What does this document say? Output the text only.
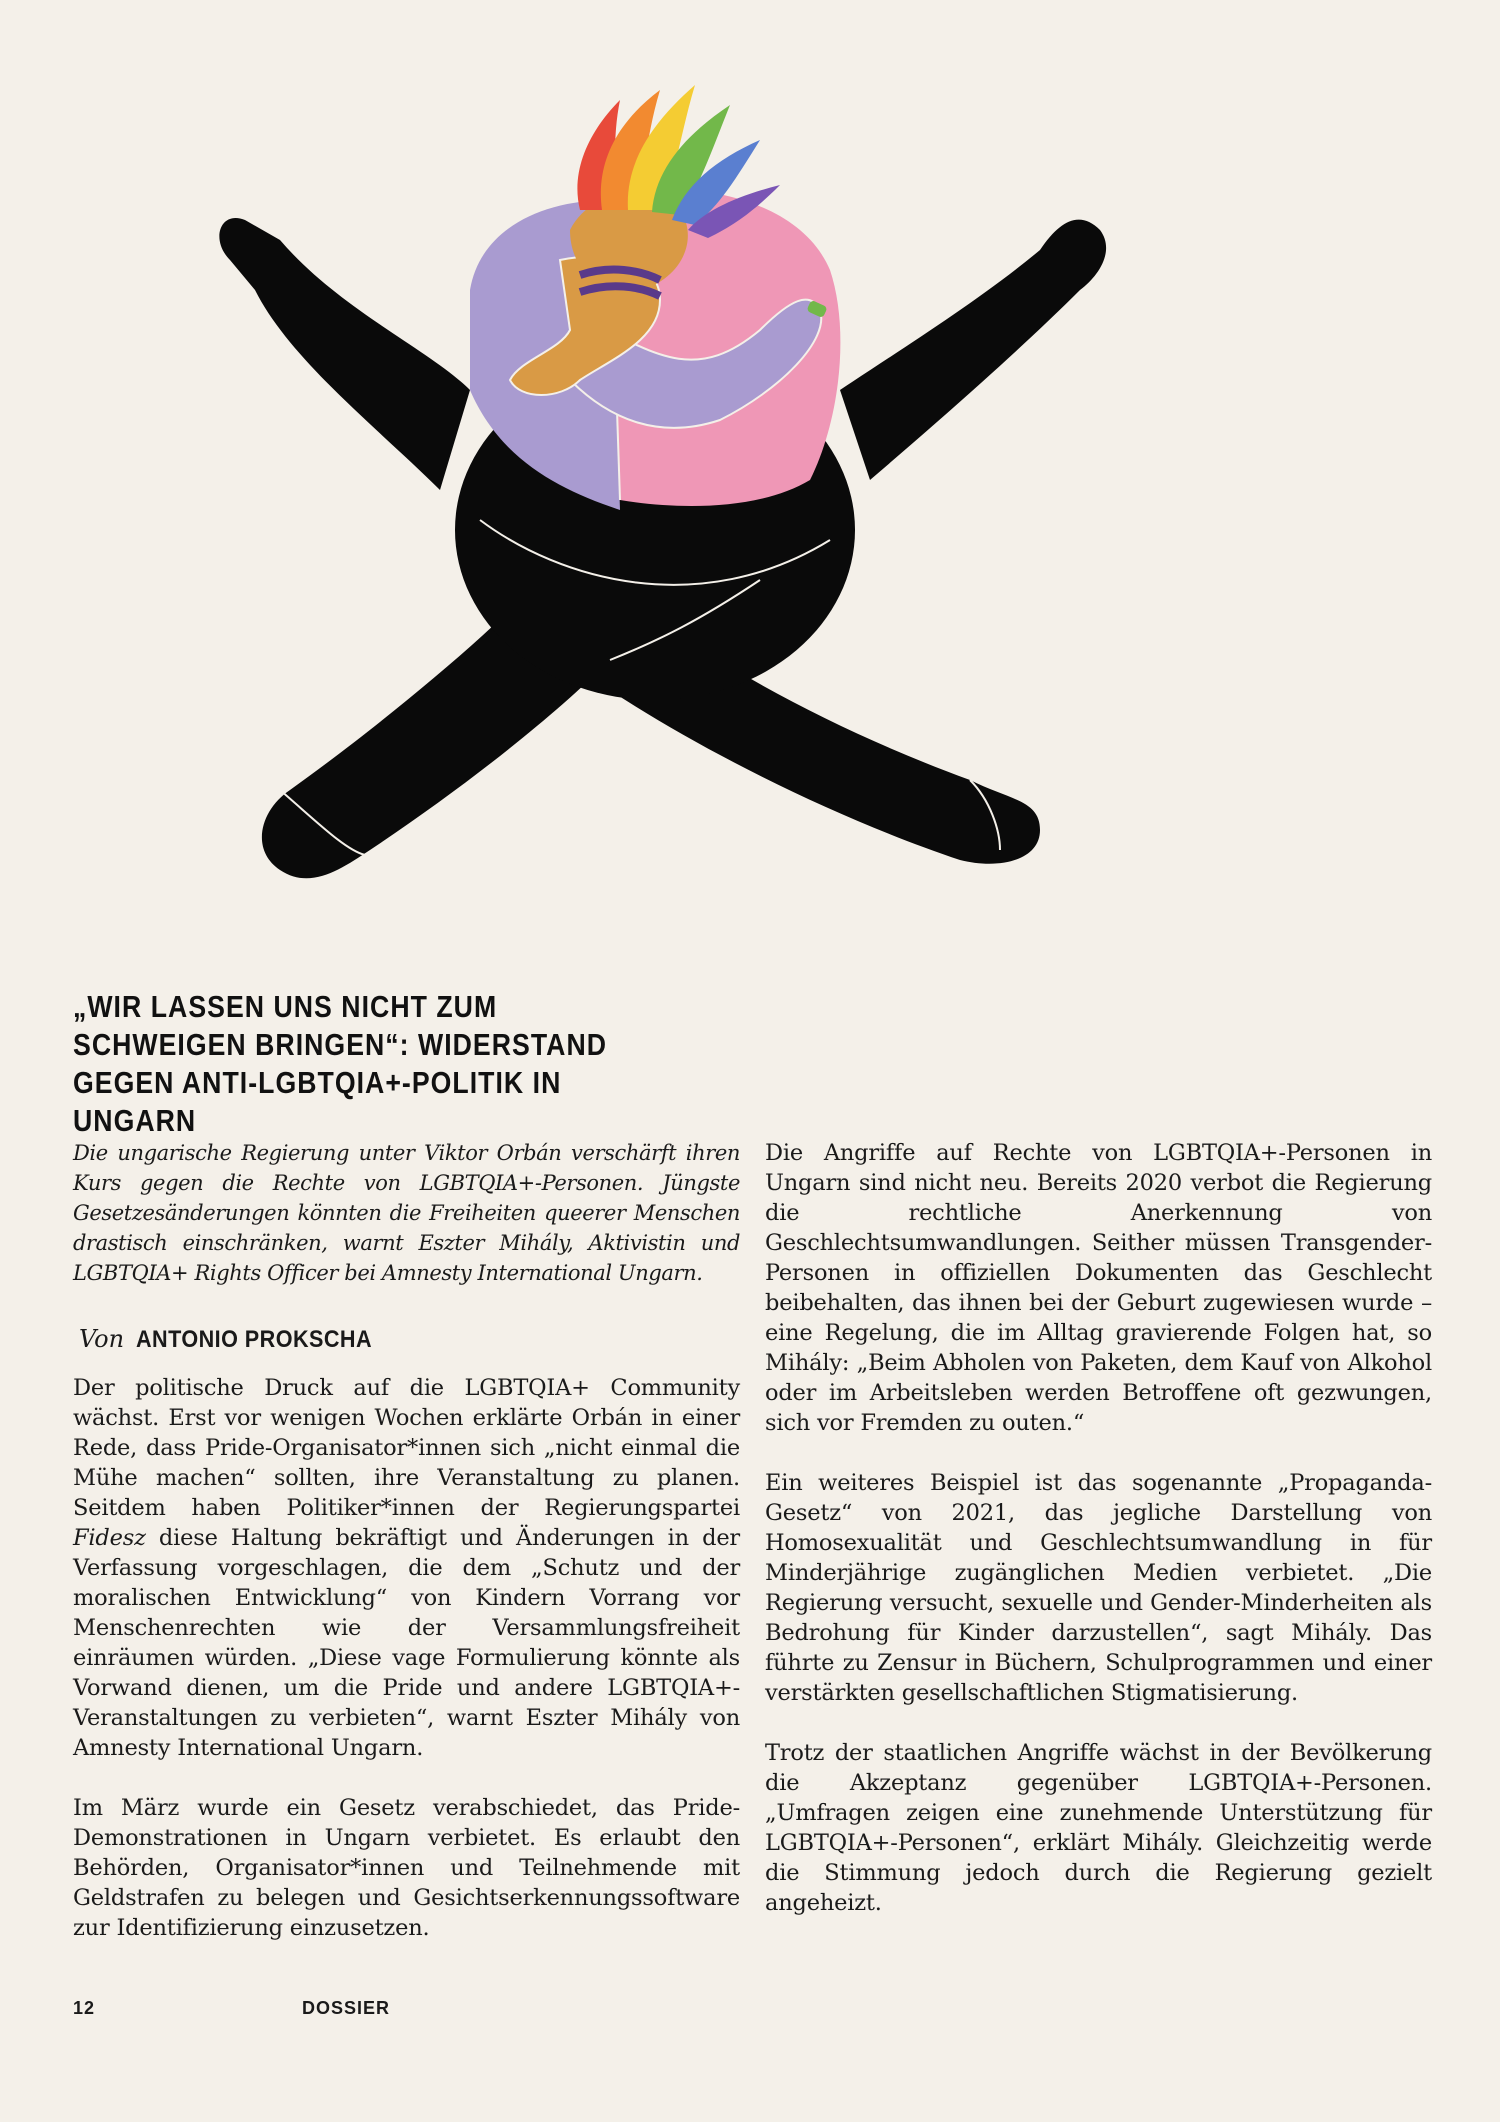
„WIR LASSEN UNS NICHT ZUM SCHWEIGEN BRINGEN“: WIDERSTAND GEGEN ANTI-LGBTQIA+-POLITIK IN UNGARN

Die ungarische Regierung unter Viktor Orbán verschärft ihren Kurs gegen die Rechte von LGBTQIA+-Personen. Jüngste Gesetzesänderungen könnten die Freiheiten queerer Menschen drastisch einschränken, warnt Eszter Mihály, Aktivistin und LGBTQIA+ Rights Officer bei Amnesty International Ungarn.

Von ANTONIO PROKSCHA

Der politische Druck auf die LGBTQIA+ Community wächst. Erst vor wenigen Wochen erklärte Orbán in einer Rede, dass Pride-Organisator*innen sich „nicht einmal die Mühe machen“ sollten, ihre Veranstaltung zu planen. Seitdem haben Politiker*innen der Regierungspartei Fidesz diese Haltung bekräftigt und Änderungen in der Verfassung vorgeschlagen, die dem „Schutz und der moralischen Entwicklung“ von Kindern Vorrang vor Menschenrechten wie der Versammlungsfreiheit einräumen würden. „Diese vage Formulierung könnte als Vorwand dienen, um die Pride und andere LGBTQIA+-Veranstaltungen zu verbieten“, warnt Eszter Mihály von Amnesty International Ungarn.

Im März wurde ein Gesetz verabschiedet, das Pride-Demonstrationen in Ungarn verbietet. Es erlaubt den Behörden, Organisator*innen und Teilnehmende mit Geldstrafen zu belegen und Gesichtserkennungssoftware zur Identifizierung einzusetzen.

Die Angriffe auf Rechte von LGBTQIA+-Personen in Ungarn sind nicht neu. Bereits 2020 verbot die Regierung die rechtliche Anerkennung von Geschlechtsumwandlungen. Seither müssen Transgender-Personen in offiziellen Dokumenten das Geschlecht beibehalten, das ihnen bei der Geburt zugewiesen wurde – eine Regelung, die im Alltag gravierende Folgen hat, so Mihály: „Beim Abholen von Paketen, dem Kauf von Alkohol oder im Arbeitsleben werden Betroffene oft gezwungen, sich vor Fremden zu outen.“

Ein weiteres Beispiel ist das sogenannte „Propaganda-Gesetz“ von 2021, das jegliche Darstellung von Homosexualität und Geschlechtsumwandlung in für Minderjährige zugänglichen Medien verbietet. „Die Regierung versucht, sexuelle und Gender-Minderheiten als Bedrohung für Kinder darzustellen“, sagt Mihály. Das führte zu Zensur in Büchern, Schulprogrammen und einer verstärkten gesellschaftlichen Stigmatisierung.

Trotz der staatlichen Angriffe wächst in der Bevölkerung die Akzeptanz gegenüber LGBTQIA+-Personen. „Umfragen zeigen eine zunehmende Unterstützung für LGBTQIA+-Personen“, erklärt Mihály. Gleichzeitig werde die Stimmung jedoch durch die Regierung gezielt angeheizt.

12	DOSSIER
